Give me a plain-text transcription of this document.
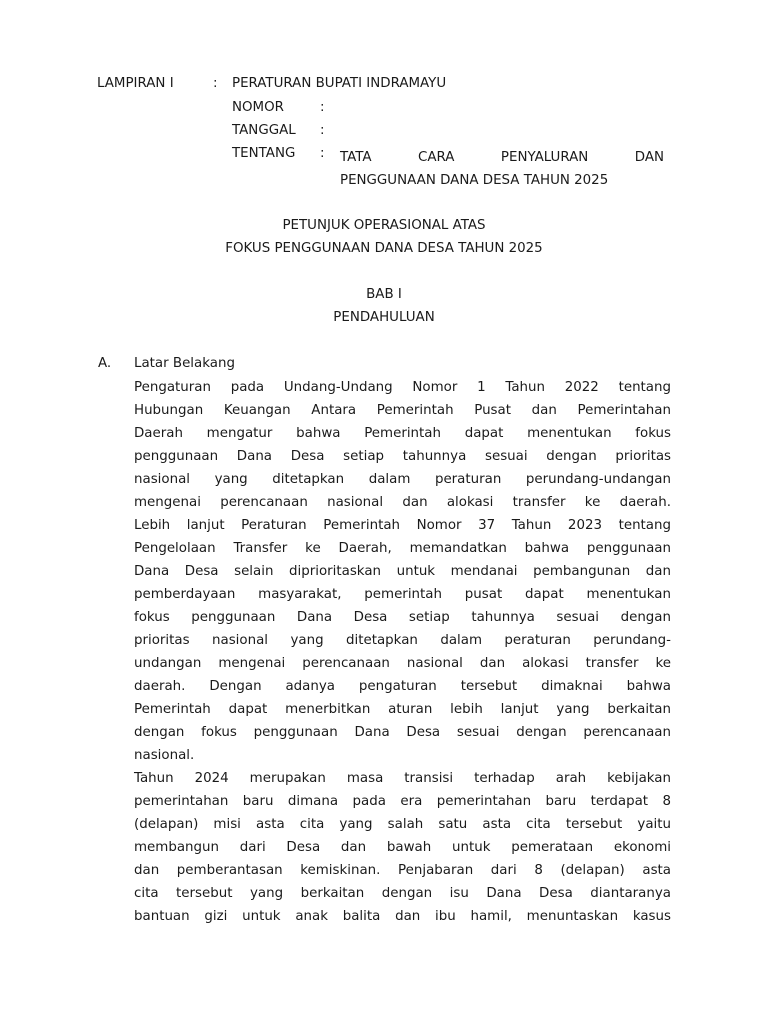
LAMPIRAN I	: PERATURAN BUPATI INDRAMAYU
NOMOR	:
TANGGAL :
TENTANG : TATA	CARA	PENYALURAN	DAN
PENGGUNAAN DANA DESA TAHUN 2025
PETUNJUK OPERASIONAL ATAS
FOKUS PENGGUNAAN DANA DESA TAHUN 2025
BAB I
PENDAHULUAN
A. Latar Belakang
Pengaturan pada Undang-Undang Nomor 1 Tahun 2022 tentang
Hubungan Keuangan Antara Pemerintah Pusat dan Pemerintahan
Daerah mengatur bahwa Pemerintah dapat menentukan fokus
penggunaan Dana Desa setiap tahunnya sesuai dengan prioritas
nasional yang ditetapkan dalam peraturan perundang-undangan
mengenai perencanaan nasional dan alokasi transfer ke daerah.
Lebih lanjut Peraturan Pemerintah Nomor 37 Tahun 2023 tentang
Pengelolaan Transfer ke Daerah, memandatkan bahwa penggunaan
Dana Desa selain diprioritaskan untuk mendanai pembangunan dan
pemberdayaan masyarakat, pemerintah pusat dapat menentukan
fokus penggunaan Dana Desa setiap tahunnya sesuai dengan
prioritas nasional yang ditetapkan dalam peraturan perundang-
undangan mengenai perencanaan nasional dan alokasi transfer ke
daerah. Dengan adanya pengaturan tersebut dimaknai bahwa
Pemerintah dapat menerbitkan aturan lebih lanjut yang berkaitan
dengan fokus penggunaan Dana Desa sesuai dengan perencanaan
nasional.
Tahun 2024 merupakan masa transisi terhadap arah kebijakan
pemerintahan baru dimana pada era pemerintahan baru terdapat 8
(delapan) misi asta cita yang salah satu asta cita tersebut yaitu
membangun dari Desa dan bawah untuk pemerataan ekonomi
dan pemberantasan kemiskinan. Penjabaran dari 8 (delapan) asta
cita tersebut yang berkaitan dengan isu Dana Desa diantaranya
bantuan gizi untuk anak balita dan ibu hamil, menuntaskan kasus
